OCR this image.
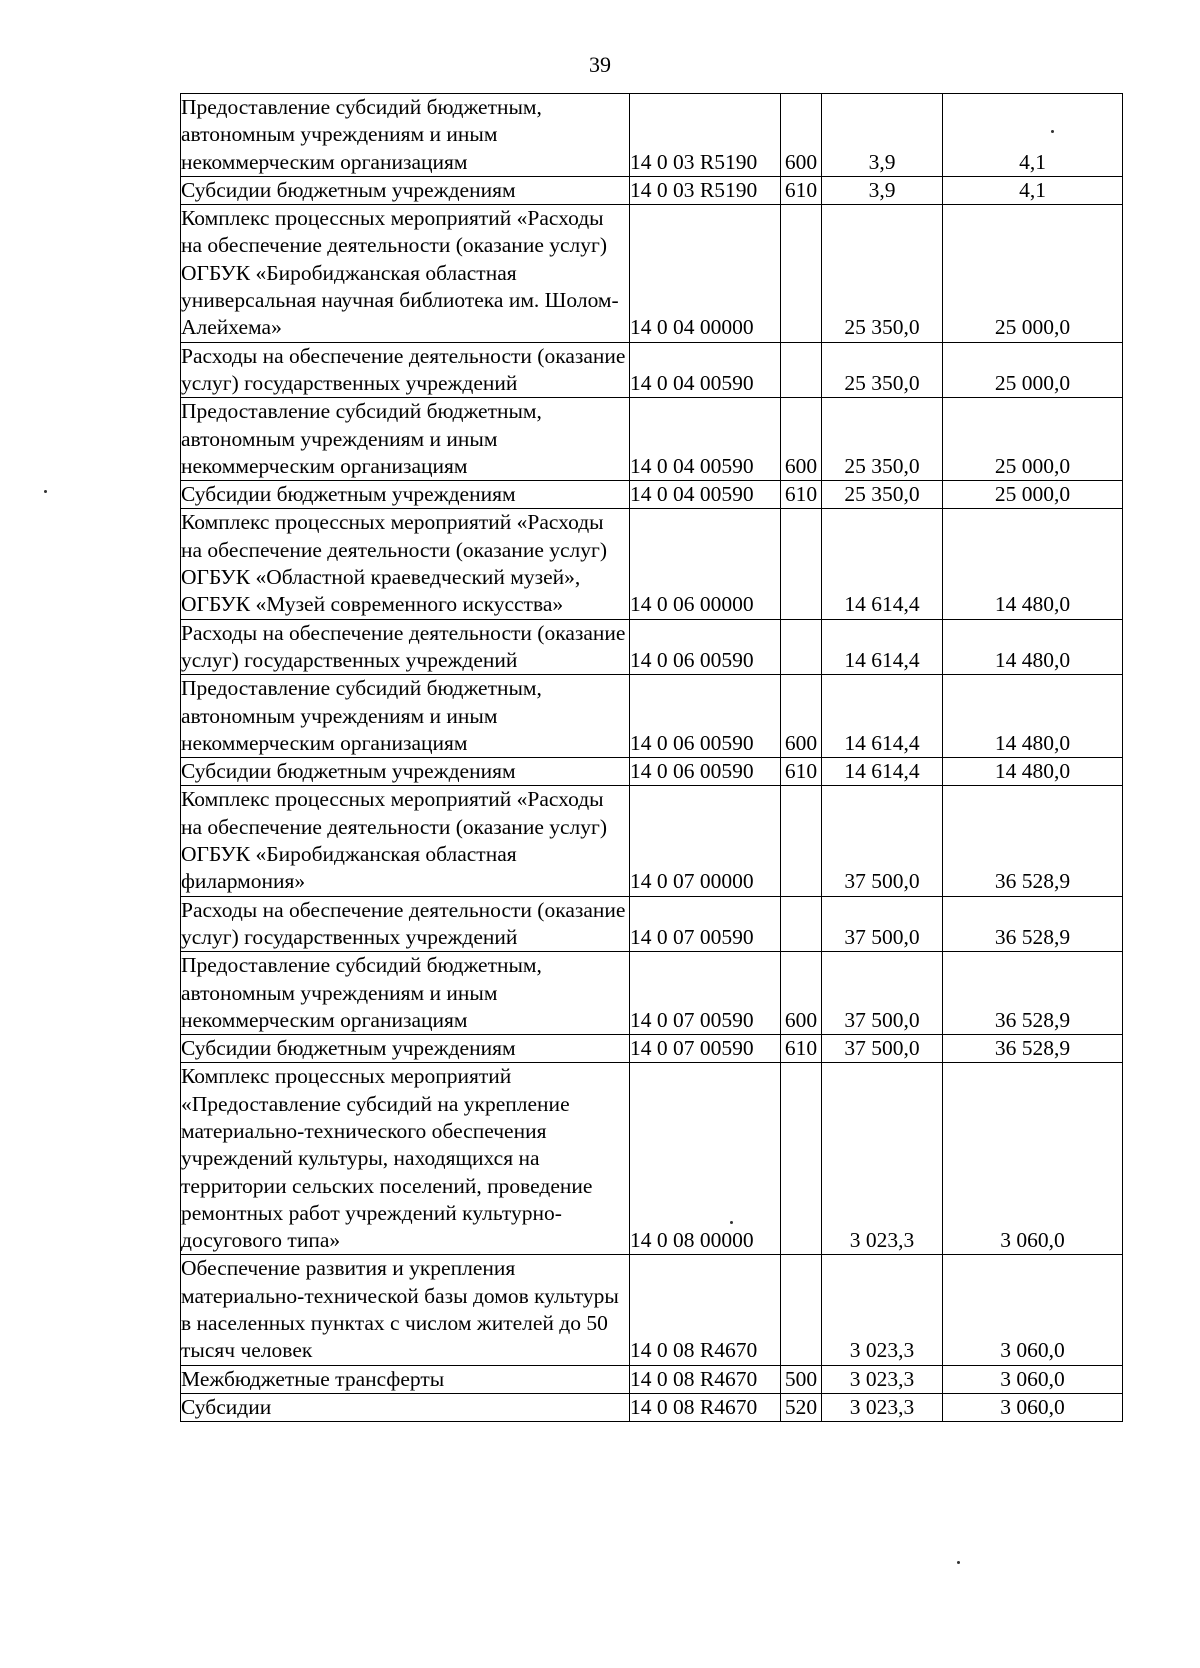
39
Предоставление субсидий бюджетным, автономным учреждениям и иным некоммерческим организациям	14 0 03 R5190	600	3,9	4,1
Субсидии бюджетным учреждениям	14 0 03 R5190	610	3,9	4,1
Комплекс процессных мероприятий «Расходы на обеспечение деятельности (оказание услуг) ОГБУК «Биробиджанская областная универсальная научная библиотека им. Шолом-Алейхема»	14 0 04 00000		25 350,0	25 000,0
Расходы на обеспечение деятельности (оказание услуг) государственных учреждений	14 0 04 00590		25 350,0	25 000,0
Предоставление субсидий бюджетным, автономным учреждениям и иным некоммерческим организациям	14 0 04 00590	600	25 350,0	25 000,0
Субсидии бюджетным учреждениям	14 0 04 00590	610	25 350,0	25 000,0
Комплекс процессных мероприятий «Расходы на обеспечение деятельности (оказание услуг) ОГБУК «Областной краеведческий музей», ОГБУК «Музей современного искусства»	14 0 06 00000		14 614,4	14 480,0
Расходы на обеспечение деятельности (оказание услуг) государственных учреждений	14 0 06 00590		14 614,4	14 480,0
Предоставление субсидий бюджетным, автономным учреждениям и иным некоммерческим организациям	14 0 06 00590	600	14 614,4	14 480,0
Субсидии бюджетным учреждениям	14 0 06 00590	610	14 614,4	14 480,0
Комплекс процессных мероприятий «Расходы на обеспечение деятельности (оказание услуг) ОГБУК «Биробиджанская областная филармония»	14 0 07 00000		37 500,0	36 528,9
Расходы на обеспечение деятельности (оказание услуг) государственных учреждений	14 0 07 00590		37 500,0	36 528,9
Предоставление субсидий бюджетным, автономным учреждениям и иным некоммерческим организациям	14 0 07 00590	600	37 500,0	36 528,9
Субсидии бюджетным учреждениям	14 0 07 00590	610	37 500,0	36 528,9
Комплекс процессных мероприятий «Предоставление субсидий на укрепление материально-технического обеспечения учреждений культуры, находящихся на территории сельских поселений, проведение ремонтных работ учреждений культурно-досугового типа»	14 0 08 00000		3 023,3	3 060,0
Обеспечение развития и укрепления материально-технической базы домов культуры в населенных пунктах с числом жителей до 50 тысяч человек	14 0 08 R4670		3 023,3	3 060,0
Межбюджетные трансферты	14 0 08 R4670	500	3 023,3	3 060,0
Субсидии	14 0 08 R4670	520	3 023,3	3 060,0
